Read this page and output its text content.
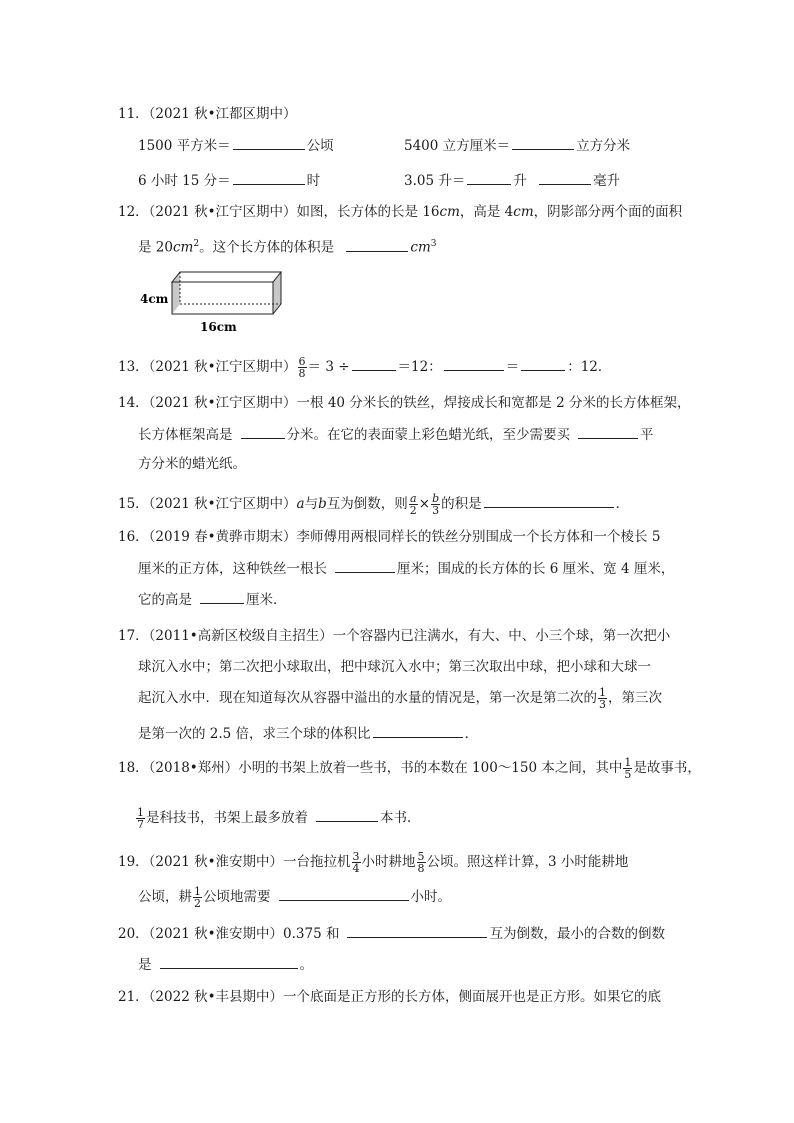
11．（2021 秋•江都区期中）
1500 平方米＝	公顷	5400 立方厘米＝	立方分米
6 小时 15 分＝	时	3.05 升＝	升	毫升
12．（2021 秋•江宁区期中）如图，长方体的长是 16cm，高是 4cm，阴影部分两个面的面积
是 $20cm^2$。这个长方体的体积是	$cm^3$
4cm
16cm
13．（2021 秋•江宁区期中） $\frac{6}{8} = 3$ ÷	＝12：	＝	：12．
14．（2021 秋•江宁区期中）一根 40 分米长的铁丝，焊接成长和宽都是 2 分米的长方体框架，
长方体框架高是	分米。在它的表面蒙上彩色蜡光纸，至少需要买	平
方分米的蜡光纸。
15．（2021 秋•江宁区期中）a与b互为倒数，则 $\frac{a}{2} \times \frac{b}{3}$ 的积是	．
16．（2019 春•黄骅市期末）李师傅用两根同样长的铁丝分别围成一个长方体和一个棱长 5
厘米的正方体，这种铁丝一根长	厘米；围成的长方体的长 6 厘米、宽 4 厘米，
它的高是	厘米．
17．（2011•高新区校级自主招生）一个容器内已注满水，有大、中、小三个球，第一次把小
球沉入水中；第二次把小球取出，把中球沉入水中；第三次取出中球，把小球和大球一
起沉入水中．现在知道每次从容器中溢出的水量的情况是，第一次是第二次的 $\frac{1}{3}$ ，第三次
是第一次的 2.5 倍，求三个球的体积比	．
18．（2018•郑州）小明的书架上放着一些书，书的本数在 100～150 本之间，其中 $\frac{1}{5}$ 是故事书，
$\frac{1}{7}$ 是科技书，书架上最多放着	本书．
19．（2021 秋•淮安期中）一台拖拉机 $\frac{3}{4}$ 小时耕地 $\frac{5}{8}$ 公顷。照这样计算，3 小时能耕地
公顷，耕 $\frac{1}{2}$ 公顷地需要	小时。
20．（2021 秋•淮安期中）0.375 和	互为倒数，最小的合数的倒数
是	。
21．（2022 秋•丰县期中）一个底面是正方形的长方体，侧面展开也是正方形。如果它的底
